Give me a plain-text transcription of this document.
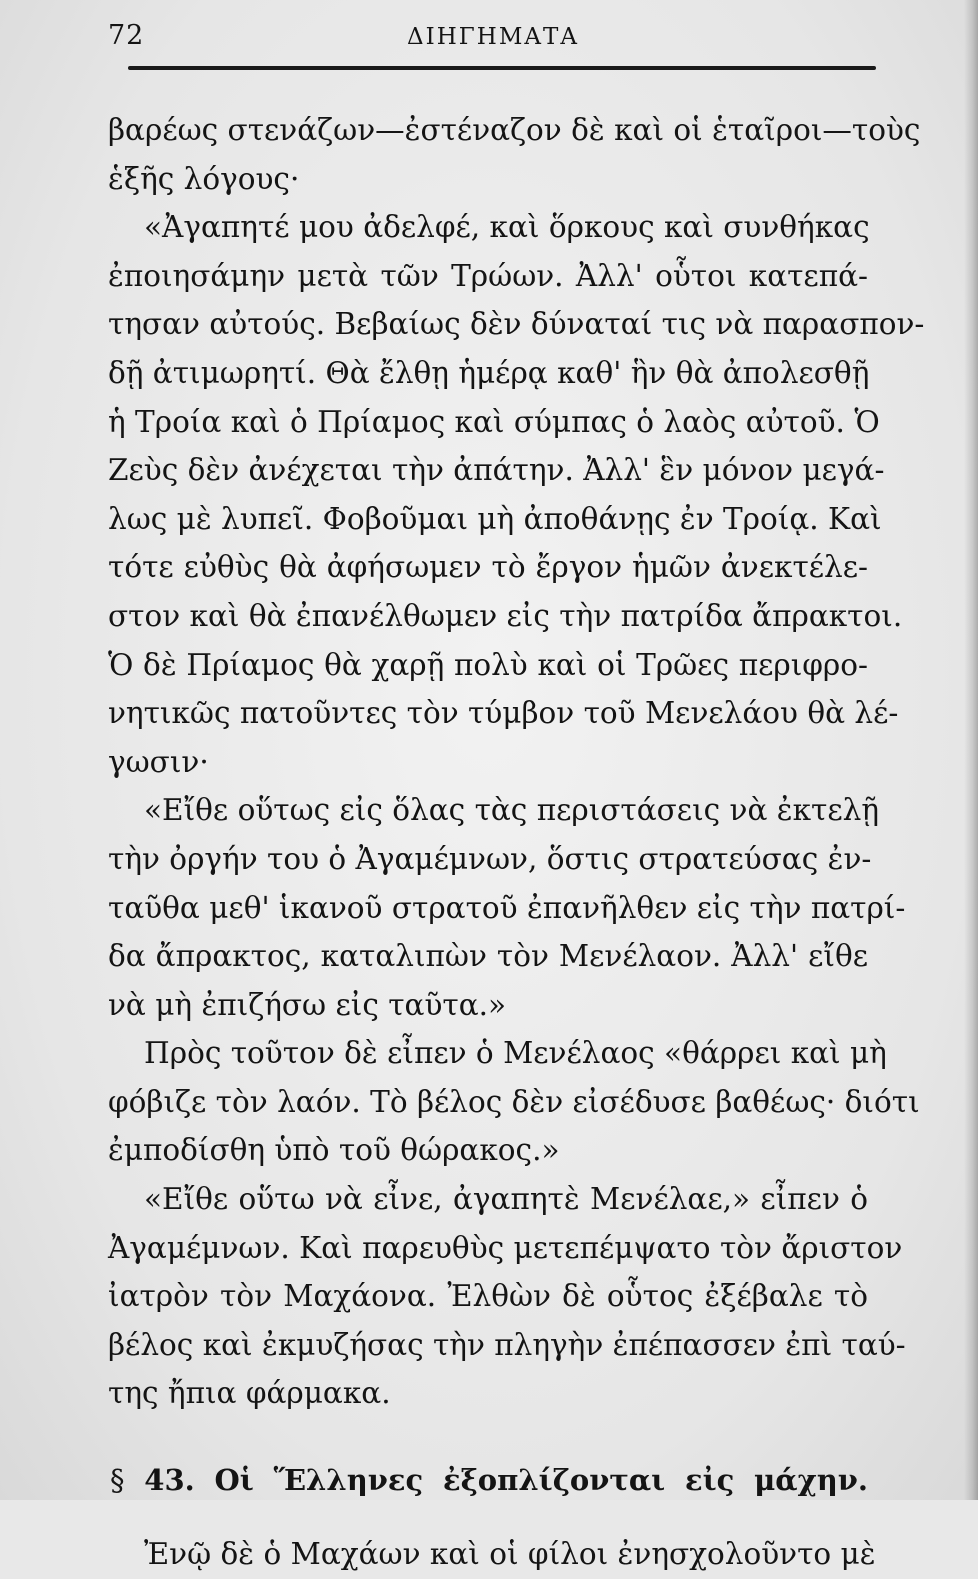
72	ΔΙΗΓΗΜΑΤΑ
βαρέως στενάζων—ἐστέναζον δὲ καὶ οἱ ἑταῖροι—τοὺς
ἑξῆς λόγους·
«Ἀγαπητέ μου ἀδελφέ, καὶ ὅρκους καὶ συνθήκας
ἐποιησάμην μετὰ τῶν Τρώων. Ἀλλ' οὗτοι κατεπά-
τησαν αὐτούς. Βεβαίως δὲν δύναταί τις νὰ παρασπον-
δῇ ἀτιμωρητί. Θὰ ἔλθῃ ἡμέρᾳ καθ' ἣν θὰ ἀπολεσθῇ
ἡ Τροία καὶ ὁ Πρίαμος καὶ σύμπας ὁ λαὸς αὐτοῦ. Ὁ
Ζεὺς δὲν ἀνέχεται τὴν ἀπάτην. Ἀλλ' ἓν μόνον μεγά-
λως μὲ λυπεῖ. Φοβοῦμαι μὴ ἀποθάνῃς ἐν Τροίᾳ. Καὶ
τότε εὐθὺς θὰ ἀφήσωμεν τὸ ἔργον ἡμῶν ἀνεκτέλε-
στον καὶ θὰ ἐπανέλθωμεν εἰς τὴν πατρίδα ἄπρακτοι.
Ὁ δὲ Πρίαμος θὰ χαρῇ πολὺ καὶ οἱ Τρῶες περιφρο-
νητικῶς πατοῦντες τὸν τύμβον τοῦ Μενελάου θὰ λέ-
γωσιν·
«Εἴθε οὕτως εἰς ὅλας τὰς περιστάσεις νὰ ἐκτελῇ
τὴν ὀργήν του ὁ Ἀγαμέμνων, ὅστις στρατεύσας ἐν-
ταῦθα μεθ' ἱκανοῦ στρατοῦ ἐπανῆλθεν εἰς τὴν πατρί-
δα ἄπρακτος, καταλιπὼν τὸν Μενέλαον. Ἀλλ' εἴθε
νὰ μὴ ἐπιζήσω εἰς ταῦτα.»
Πρὸς τοῦτον δὲ εἶπεν ὁ Μενέλαος «θάρρει καὶ μὴ
φόβιζε τὸν λαόν. Τὸ βέλος δὲν εἰσέδυσε βαθέως· διότι
ἐμποδίσθη ὑπὸ τοῦ θώρακος.»
«Εἴθε οὕτω νὰ εἶνε, ἀγαπητὲ Μενέλαε,» εἶπεν ὁ
Ἀγαμέμνων. Καὶ παρευθὺς μετεπέμψατο τὸν ἄριστον
ἰατρὸν τὸν Μαχάονα. Ἐλθὼν δὲ οὗτος ἐξέβαλε τὸ
βέλος καὶ ἐκμυζήσας τὴν πληγὴν ἐπέπασσεν ἐπὶ ταύ-
της ἤπια φάρμακα.
§ 43. Οἱ Ἕλληνες ἐξοπλίζονται εἰς μάχην.
Ἐνῷ δὲ ὁ Μαχάων καὶ οἱ φίλοι ἐνησχολοῦντο μὲ
